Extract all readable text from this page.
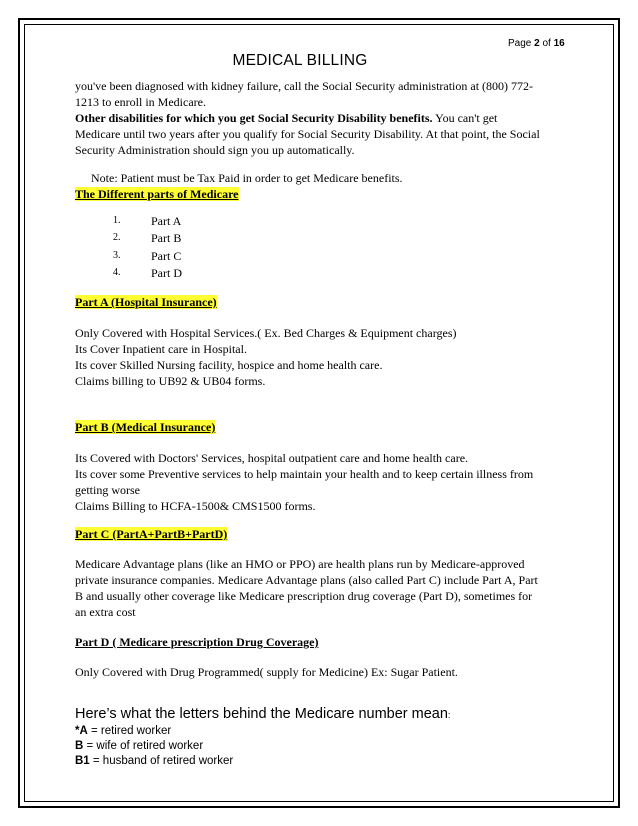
Page 2 of 16
MEDICAL BILLING

you've been diagnosed with kidney failure, call the Social Security administration at (800) 772-

1213 to enroll in Medicare.

Other disabilities for which you get Social Security Disability benefits. You can't get

Medicare until two years after you qualify for Social Security Disability. At that point, the Social

Security Administration should sign you up automatically.

Note: Patient must be Tax Paid in order to get Medicare benefits.

The Different parts of Medicare

1.	Part A
2.	Part B
3.	Part C
4.	Part D

Part A (Hospital Insurance)

Only Covered with Hospital Services.( Ex. Bed Charges & Equipment charges)

Its Cover Inpatient care in Hospital.

Its cover Skilled Nursing facility, hospice and home health care.

Claims billing to UB92 & UB04 forms.

Part B (Medical Insurance)

Its Covered with Doctors' Services, hospital outpatient care and home health care.

Its cover some Preventive services to help maintain your health and to keep certain illness from

getting worse

Claims Billing to HCFA-1500& CMS1500 forms.

Part C (PartA+PartB+PartD)

Medicare Advantage plans (like an HMO or PPO) are health plans run by Medicare-approved

private insurance companies. Medicare Advantage plans (also called Part C) include Part A, Part

B and usually other coverage like Medicare prescription drug coverage (Part D), sometimes for

an extra cost

Part D ( Medicare prescription Drug Coverage)

Only Covered with Drug Programmed( supply for Medicine) Ex: Sugar Patient.

Here’s what the letters behind the Medicare number mean:

*A = retired worker

B = wife of retired worker

B1 = husband of retired worker
